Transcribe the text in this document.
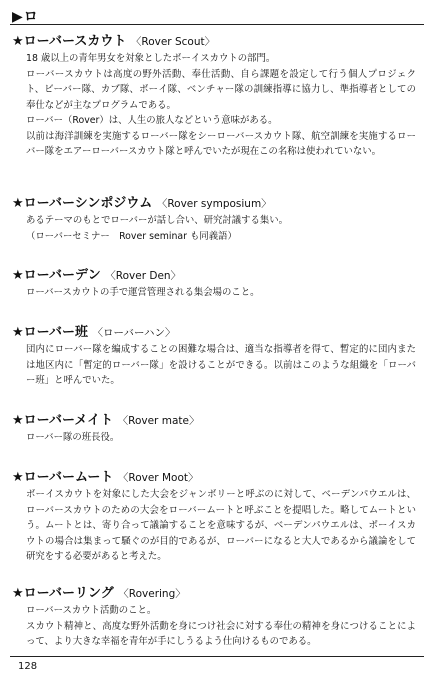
▶ロ
★ローバースカウト 〈Rover Scout〉

18 歳以上の青年男女を対象としたボーイスカウトの部門。

ローバースカウトは高度の野外活動、奉仕活動、自ら課題を設定して行う個人プロジェクト、ビーバー隊、カブ隊、ボーイ隊、ベンチャー隊の訓練指導に協力し、準指導者としての奉仕などが主なプログラムである。

ローバー（Rover）は、人生の旅人などという意味がある。

以前は海洋訓練を実施するローバー隊をシーローバースカウト隊、航空訓練を実施するローバー隊をエアーローバースカウト隊と呼んでいたが現在この名称は使われていない。

★ローバーシンポジウム 〈Rover symposium〉

あるテーマのもとでローバーが話し合い、研究討議する集い。

（ローバーセミナー　Rover seminar も同義語）

★ローバーデン 〈Rover Den〉

ローバースカウトの手で運営管理される集会場のこと。

★ローバー班 〈ローバーハン〉

団内にローバー隊を編成することの困難な場合は、適当な指導者を得て、暫定的に団内または地区内に「暫定的ローバー隊」を設けることができる。以前はこのような組織を「ローバー班」と呼んでいた。

★ローバーメイト 〈Rover mate〉

ローバー隊の班長役。

★ローバームート 〈Rover Moot〉

ボーイスカウトを対象にした大会をジャンボリーと呼ぶのに対して、ベーデンパウエルは、ローバースカウトのための大会をローバームートと呼ぶことを提唱した。略してムートという。ムートとは、寄り合って議論することを意味するが、ベーデンパウエルは、ボーイスカウトの場合は集まって騒ぐのが目的であるが、ローバーになると大人であるから議論をして研究をする必要があると考えた。

★ローバーリング 〈Rovering〉

ローバースカウト活動のこと。

スカウト精神と、高度な野外活動を身につけ社会に対する奉仕の精神を身につけることによって、より大きな幸福を青年が手にしうるよう仕向けるものである。

128
